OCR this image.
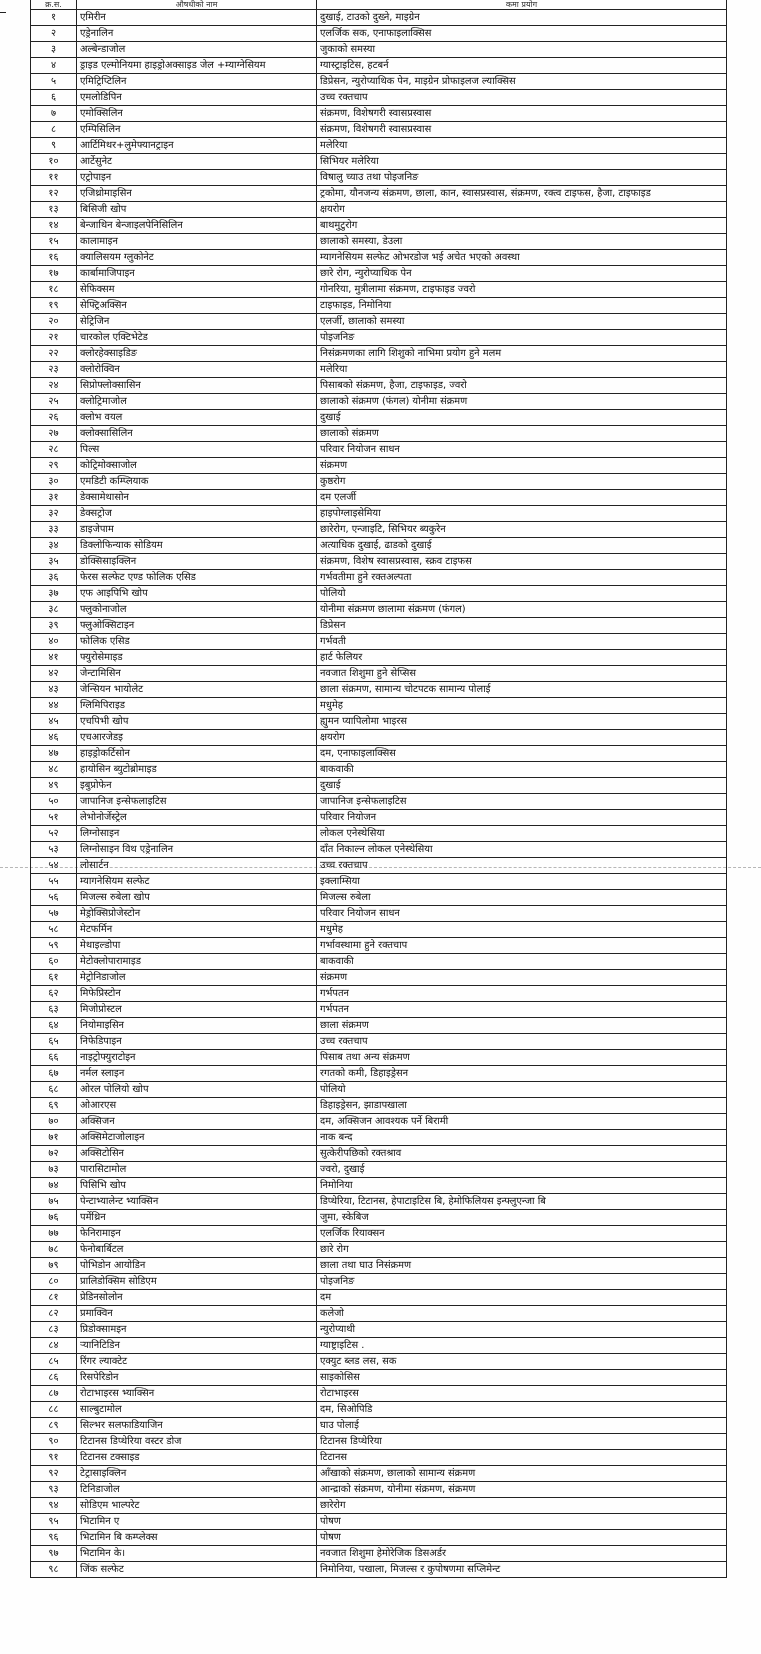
क्र.स.	औषधीको नाम	कमा प्रयोग
१	एमिरीन	दुखाई, टाउको दुख्ने, माइग्रेन
२	एड्रेनालिन	एलर्जिक सक, एनाफाइलाक्सिस
३	अल्बेन्डाजोल	जुकाको समस्या
४	ड्राइड एल्मोनियमा हाइड्रोअक्साइड जेल +म्याग्नेसियम	ग्यास्ट्राइटिस, हटबर्न
५	एमिट्रिप्टिलिन	डिप्रेसन, न्युरोप्याथिक पेन, माइग्रेन प्रोफाइलज ल्याक्सिस
६	एमलोडिपिन	उच्च रक्तचाप
७	एमोक्सिलिन	संक्रमण, विशेषगरी स्वासप्रस्वास
८	एम्पिसिलिन	संक्रमण, विशेषगरी स्वासप्रस्वास
९	आर्टिमिथर+लुमेफ्यानट्राइन	मलेरिया
१०	आर्टेसुनेट	सिभियर मलेरिया
११	एट्रोपाइन	विषालु च्याउ तथा पोइजनिङ
१२	एजिथ्रोमाइसिन	ट्रकोमा, यौनजन्य संक्रमण, छाला, कान, स्वासप्रस्वास, संक्रमण, रक्त्व टाइफस, हैजा, टाइफाइड
१३	बिसिजी खोप	क्षयरोग
१४	बेन्जाथिन बेन्जाइलपेनिसिलिन	बाथमुटुरोग
१५	कालामाइन	छालाको समस्या, डेउला
१६	क्यालिसयम ग्लुकोनेट	म्यागनेसियम सल्फेट ओभरडोज भई अचेत भएको अवस्था
१७	कार्बामाजिपाइन	छारे रोग, न्युरोप्याथिक पेन
१८	सेफिक्सम	गोनरिया, मुत्रीलामा संक्रमण, टाइफाइड ज्वरो
१९	सेफ्ट्रिअक्सिन	टाइफाइड, निमोनिया
२०	सेट्रिजिन	एलर्जी, छालाको समस्या
२१	चारकोल एक्टिभेटेड	पोइजनिङ
२२	क्लोरहेक्साइडिङ	निसंक्रमणका लागि शिशुको नाभिमा प्रयोग हुने मलम
२३	क्लोरोक्विन	मलेरिया
२४	सिप्रोफ्लोक्सासिन	पिसाबको संक्रमण, हैजा, टाइफाइड, ज्वरो
२५	क्लोट्रिमाजोल	छालाको संक्रमण (फंगल) योनीमा संक्रमण
२६	क्लोभ वयल	दुखाई
२७	क्लोक्सासिलिन	छालाको संक्रमण
२८	पिल्स	परिवार नियोजन साधन
२९	कोट्रिमोक्साजोल	संक्रमण
३०	एमडिटी कम्प्लियाक	कुष्ठरोग
३१	डेक्सामेथासोन	दम एलर्जी
३२	डेक्सट्रोज	हाइपोग्लाइसेमिया
३३	डाइजेपाम	छारेरोग, एन्जाइटि, सिभियर ब्यकुरेन
३४	डिक्लोफिन्याक सोडियम	अत्याधिक दुखाई, ढाडको दुखाई
३५	डोक्सिसाइक्लिन	संक्रमण, विशेष स्वासप्रस्वास, स्क्रव टाइफस
३६	फेरस सल्फेट एण्ड फोलिक एसिड	गर्भवतीमा हुने रक्तअल्पता
३७	एफ आइपिभि खोप	पोलियो
३८	फ्लुकोनाजोल	योनीमा संक्रमण छालामा संक्रमण (फंगल)
३९	फ्लुओक्सिटाइन	डिप्रेसन
४०	फोलिक एसिड	गर्भवती
४१	फ्युरोसेमाइड	हार्ट फेलियर
४२	जेन्टामिसिन	नवजात शिशुमा हुने सेप्सिस
४३	जेन्सियन भायोलेट	छाला संक्रमण, सामान्य चोटपटक सामान्य पोलाई
४४	ग्लिमिपिराइड	मधुमेह
४५	एचपिभी खोप	ह्युमन प्यापिलोमा भाइरस
४६	एचआरजेडइ	क्षयरोग
४७	हाइड्रोकर्टिसोन	दम, एनाफाइलाक्सिस
४८	हायोसिन ब्युटोब्रोमाइड	बाकवाकी
४९	इबुप्रोफेन	दुखाई
५०	जापानिज इन्सेफलाइटिस	जापानिज इन्सेफलाइटिस
५१	लेभोनोर्जेस्ट्रेल	परिवार नियोजन
५२	लिग्नोसाइन	लोकल एनेस्थेसिया
५३	लिग्नोसाइन विथ एड्रेनालिन	दाँत निकाल्न लोकल एनेस्थेसिया
५४	लोसार्टन	उच्च रक्तचाप
५५	म्यागनेसियम सल्फेट	इक्लाम्सिया
५६	मिजल्स रुबेला खोप	मिजल्स रुबेला
५७	मेड्रोक्सिप्रोजेस्टोन	परिवार नियोजन साधन
५८	मेटफर्मिन	मधुमेह
५९	मेथाइल्डोपा	गर्भावस्थामा हुने रक्तचाप
६०	मेटोक्लोपारामाइड	बाकवाकी
६१	मेट्रोनिडाजोल	संक्रमण
६२	मिफेप्रिस्टोन	गर्भपतन
६३	मिजोप्रोस्टल	गर्भपतन
६४	नियोमाइसिन	छाला संक्रमण
६५	निफेडिपाइन	उच्च रक्तचाप
६६	नाइट्रोफ्युराटोइन	पिसाब तथा अन्य संक्रमण
६७	नर्मल स्लाइन	रगतको कमी, डिहाइड्रेसन
६८	ओरल पोलियो खोप	पोलियो
६९	ओआरएस	डिहाइड्रेसन, झाडापखाला
७०	अक्सिजन	दम, अक्सिजन आवश्यक पर्ने बिरामी
७१	अक्सिमेटाजोलाइन	नाक बन्द
७२	अक्सिटोसिन	सुत्केरीपछिको रक्तश्राव
७३	पारासिटामोल	ज्वरो, दुखाई
७४	पिसिभि खोप	निमोनिया
७५	पेन्टाभ्यालेन्ट भ्याक्सिन	डिप्थेरिया, टिटानस, हेपाटाइटिस बि, हेमोफिलियस इन्फ्लुएन्जा बि
७६	पर्मेथ्रिन	जुमा, स्केबिज
७७	फेनिरामाइन	एलर्जिक रियाक्सन
७८	फेनोबार्बिटल	छारे रोग
७९	पोभिडोन आयोडिन	छाला तथा घाउ निसंक्रमण
८०	प्रालिडोक्सिम सोडिएम	पोइजनिङ
८१	प्रेडिनसोलोन	दम
८२	प्रमाक्विन	कलेजो
८३	प्रिडोक्सामइन	न्युरोप्याथी
८४	र्‍यानिटिडिन	ग्याष्ट्राइटिस .
८५	रिंगर ल्याक्टेट	एक्युट ब्लड लस, सक
८६	रिसपेरिडोन	साइकोसिस
८७	रोटाभाइरस भ्याक्सिन	रोटाभाइरस
८८	साल्बुटामोल	दम, सिओपिडि
८९	सिल्भर सलफाडियाजिन	घाउ पोलाई
९०	टिटानस डिप्थेरिया वस्टर डोज	टिटानस डिप्थेरिया
९१	टिटानस टक्साइड	टिटानस
९२	टेट्रासाइक्लिन	आँखाको संक्रमण, छालाको सामान्य संक्रमण
९३	टिनिडाजोल	आन्द्राको संक्रमण, योनीमा संक्रमण, संक्रमण
९४	सोडिएम भाल्परेट	छारेरोग
९५	भिटामिन ए	पोषण
९६	भिटामिन बि कम्प्लेक्स	पोषण
९७	भिटामिन के।	नवजात शिशुमा हेमोरेजिक डिसअर्डर
९८	जिंक सल्फेट	निमोनिया, पखाला, मिजल्स र कुपोषणमा सप्लिमेन्ट
